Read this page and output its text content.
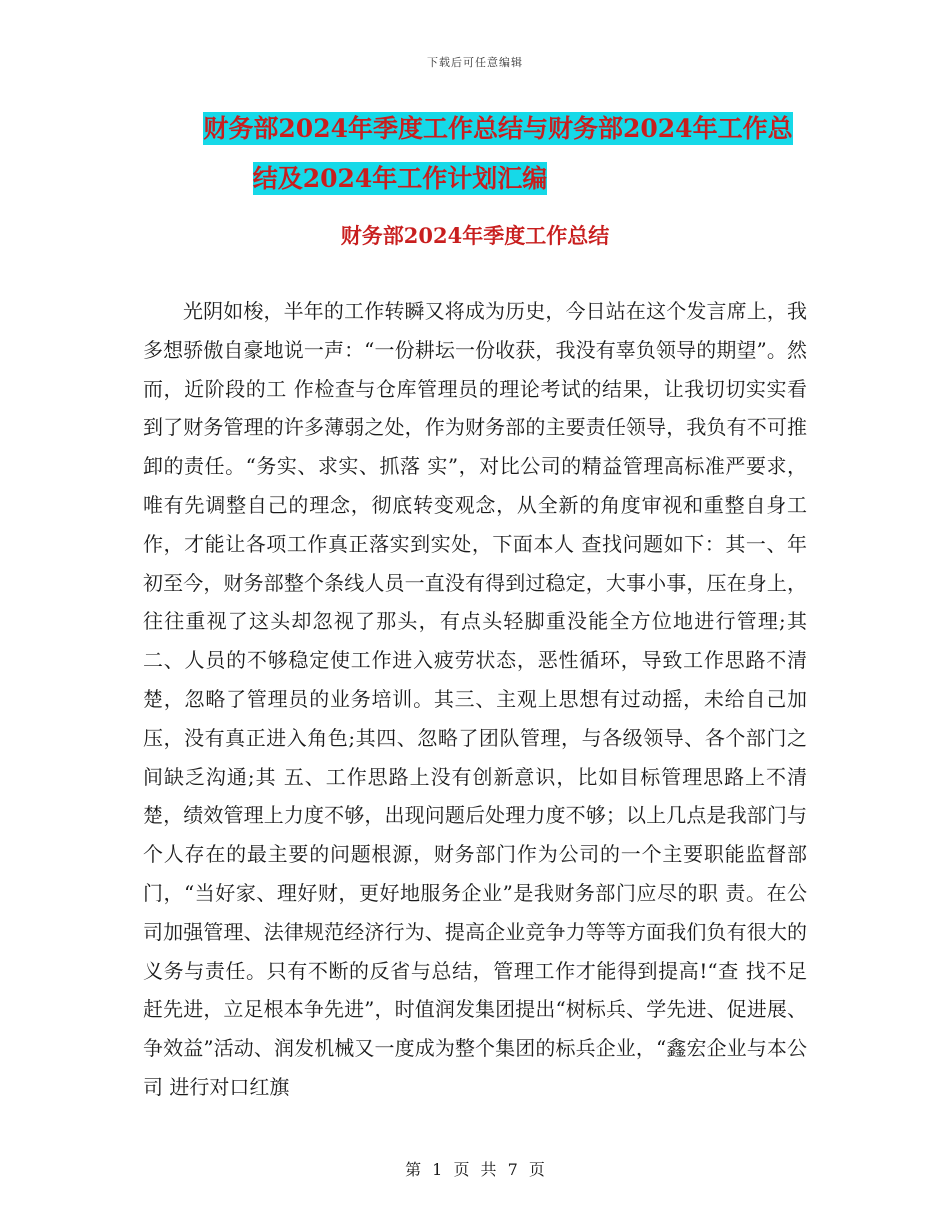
下载后可任意编辑
财务部2024年季度工作总结与财务部2024年工作总
结及2024年工作计划汇编
财务部2024年季度工作总结

光阴如梭，半年的工作转瞬又将成为历史，今日站在这个发言席上，我多想骄傲自豪地说一声：“一份耕坛一份收获，我没有辜负领导的期望”。然而，近阶段的工 作检查与仓库管理员的理论考试的结果，让我切切实实看到了财务管理的许多薄弱之处，作为财务部的主要责任领导，我负有不可推卸的责任。“务实、求实、抓落 实”，对比公司的精益管理高标准严要求，唯有先调整自己的理念，彻底转变观念，从全新的角度审视和重整自身工作，才能让各项工作真正落实到实处，下面本人 查找问题如下：其一、年初至今，财务部整个条线人员一直没有得到过稳定，大事小事，压在身上，往往重视了这头却忽视了那头，有点头轻脚重没能全方位地进行管理;其二、人员的不够稳定使工作进入疲劳状态，恶性循环，导致工作思路不清楚，忽略了管理员的业务培训。其三、主观上思想有过动摇，未给自己加压，没有真正进入角色;其四、忽略了团队管理，与各级领导、各个部门之间缺乏沟通;其 五、工作思路上没有创新意识，比如目标管理思路上不清楚，绩效管理上力度不够，出现问题后处理力度不够；以上几点是我部门与个人存在的最主要的问题根源，财务部门作为公司的一个主要职能监督部门，“当好家、理好财，更好地服务企业”是我财务部门应尽的职 责。在公司加强管理、法律规范经济行为、提高企业竞争力等等方面我们负有很大的义务与责任。只有不断的反省与总结，管理工作才能得到提高!“查 找不足赶先进，立足根本争先进”，时值润发集团提出“树标兵、学先进、促进展、争效益”活动、润发机械又一度成为整个集团的标兵企业，“鑫宏企业与本公司 进行对口红旗

第 1 页 共 7 页
